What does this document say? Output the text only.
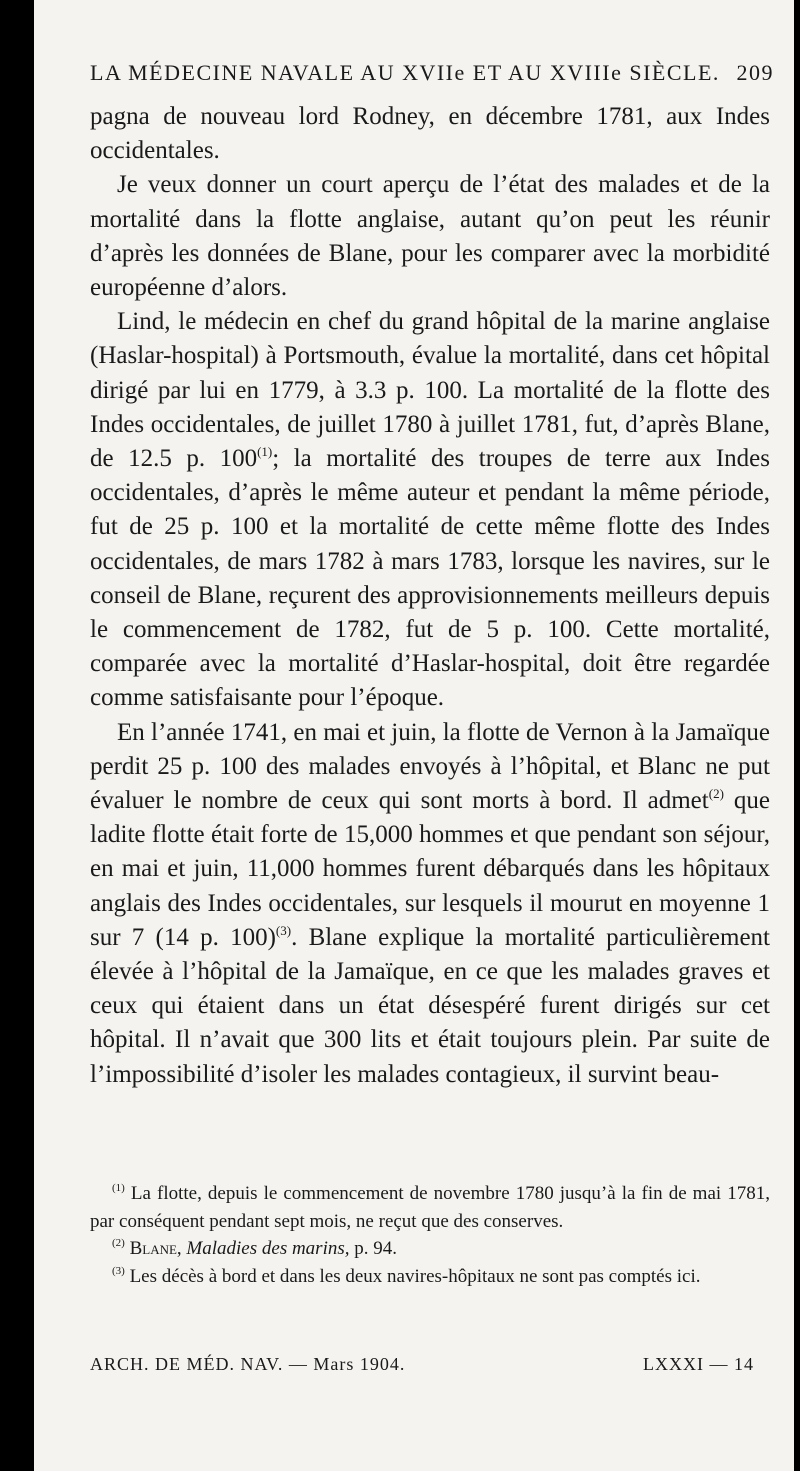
LA MÉDECINE NAVALE AU XVIIe ET AU XVIIIe SIÈCLE. 209

pagna de nouveau lord Rodney, en décembre 1781, aux Indes occidentales.

Je veux donner un court aperçu de l’état des malades et de la mortalité dans la flotte anglaise, autant qu’on peut les réunir d’après les données de Blane, pour les comparer avec la morbidité européenne d’alors.

Lind, le médecin en chef du grand hôpital de la marine anglaise (Haslar-hospital) à Portsmouth, évalue la mortalité, dans cet hôpital dirigé par lui en 1779, à 3.3 p. 100. La mortalité de la flotte des Indes occidentales, de juillet 1780 à juillet 1781, fut, d’après Blane, de 12.5 p. 100$^{(1)}$; la mortalité des troupes de terre aux Indes occidentales, d’après le même auteur et pendant la même période, fut de 25 p. 100 et la mortalité de cette même flotte des Indes occidentales, de mars 1782 à mars 1783, lorsque les navires, sur le conseil de Blane, reçurent des approvisionnements meilleurs depuis le commencement de 1782, fut de 5 p. 100. Cette mortalité, comparée avec la mortalité d’Haslar-hospital, doit être regardée comme satisfaisante pour l’époque.

En l’année 1741, en mai et juin, la flotte de Vernon à la Jamaïque perdit 25 p. 100 des malades envoyés à l’hôpital, et Blanc ne put évaluer le nombre de ceux qui sont morts à bord. Il admet$^{(2)}$ que ladite flotte était forte de 15,000 hommes et que pendant son séjour, en mai et juin, 11,000 hommes furent débarqués dans les hôpitaux anglais des Indes occidentales, sur lesquels il mourut en moyenne 1 sur 7 (14 p. 100)$^{(3)}$. Blane explique la mortalité particulièrement élevée à l’hôpital de la Jamaïque, en ce que les malades graves et ceux qui étaient dans un état désespéré furent dirigés sur cet hôpital. Il n’avait que 300 lits et était toujours plein. Par suite de l’impossibilité d’isoler les malades contagieux, il survint beau-

$^{(1)}$ La flotte, depuis le commencement de novembre 1780 jusqu’à la fin de mai 1781, par conséquent pendant sept mois, ne reçut que des conserves.

$^{(2)}$ Blane, Maladies des marins, p. 94.

$^{(3)}$ Les décès à bord et dans les deux navires-hôpitaux ne sont pas comptés ici.

ARCH. DE MÉD. NAV. — Mars 1904.	LXXXI — 14
